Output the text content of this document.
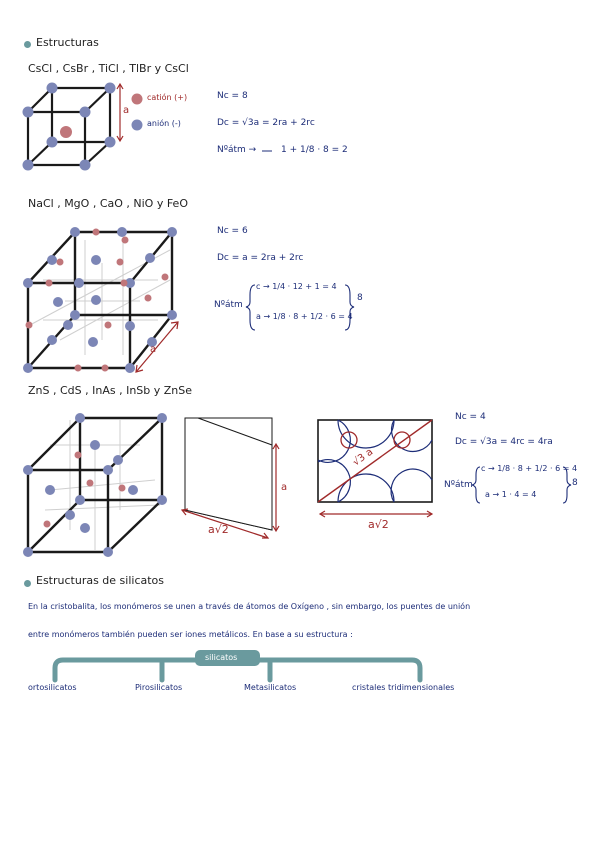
Estructuras
CsCl , CsBr , TiCl , TlBr y CsCl
a
catión (+)
anión (-)
Nc = 8
Dc = √3a = 2ra + 2rc
Nºátm →	1 + 1/8 · 8 = 2
NaCl , MgO , CaO , NiO y FeO
a
Nc = 6
Dc = a = 2ra + 2rc
Nºátm
c → 1/4 · 12 + 1 = 4
a → 1/8 · 8 + 1/2 · 6 = 4
8
ZnS , CdS , InAs , InSb y ZnSe
a
a√2
√3 a
a√2
Nc = 4
Dc = √3a = 4rc = 4ra
Nºátm
c → 1/8 · 8 + 1/2 · 6 = 4
a → 1 · 4 = 4
8
Estructuras de silicatos
En la cristobalita, los monómeros se unen a través de átomos de Oxígeno , sin embargo, los puentes de unión
entre monómeros también pueden ser iones metálicos. En base a su estructura :
silicatos
ortosilicatos	Pirosilicatos	Metasilicatos	cristales tridimensionales
